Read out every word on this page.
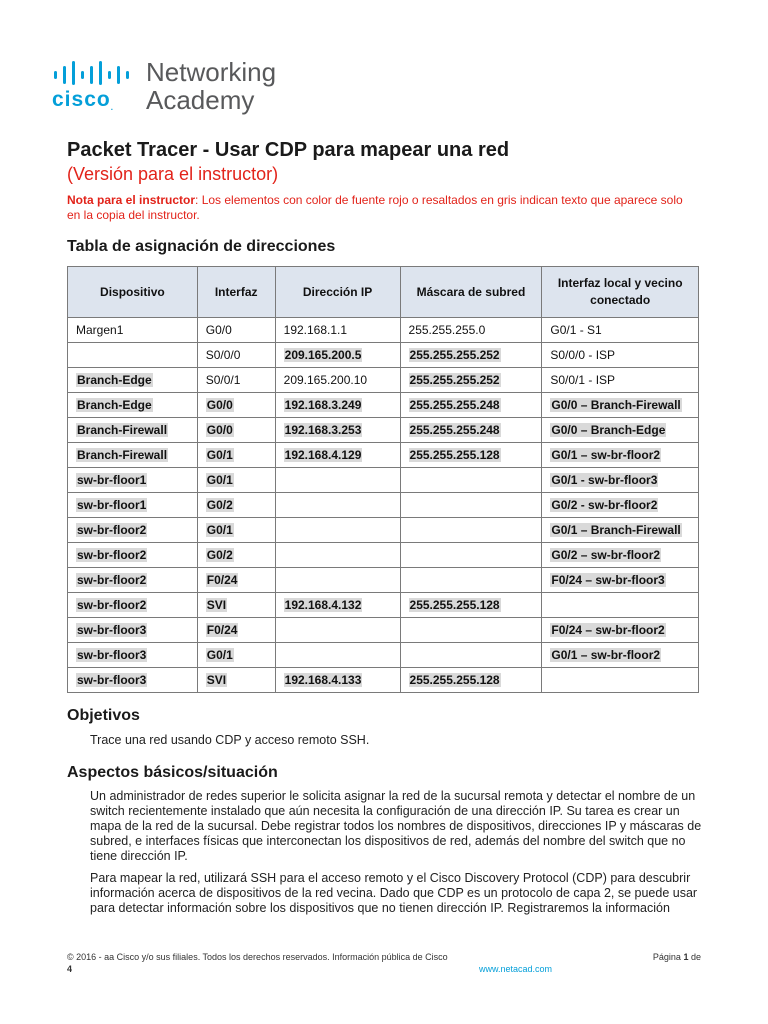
cisco.
Networking
Academy
Packet Tracer - Usar CDP para mapear una red
(Versión para el instructor)

Nota para el instructor: Los elementos con color de fuente rojo o resaltados en gris indican texto que aparece solo en la copia del instructor.

Tabla de asignación de direcciones
Dispositivo	Interfaz	Dirección IP	Máscara de subred	Interfaz local y vecino conectado
Margen1	G0/0	192.168.1.1	255.255.255.0	G0/1 - S1
	S0/0/0	209.165.200.5	255.255.255.252	S0/0/0 - ISP
Branch-Edge	S0/0/1	209.165.200.10	255.255.255.252	S0/0/1 - ISP
Branch-Edge	G0/0	192.168.3.249	255.255.255.248	G0/0 – Branch-Firewall
Branch-Firewall	G0/0	192.168.3.253	255.255.255.248	G0/0 – Branch-Edge
Branch-Firewall	G0/1	192.168.4.129	255.255.255.128	G0/1 – sw-br-floor2
sw-br-floor1	G0/1			G0/1 - sw-br-floor3
sw-br-floor1	G0/2			G0/2 - sw-br-floor2
sw-br-floor2	G0/1			G0/1 – Branch-Firewall
sw-br-floor2	G0/2			G0/2 – sw-br-floor2
sw-br-floor2	F0/24			F0/24 – sw-br-floor3
sw-br-floor2	SVI	192.168.4.132	255.255.255.128	
sw-br-floor3	F0/24			F0/24 – sw-br-floor2
sw-br-floor3	G0/1			G0/1 – sw-br-floor2
sw-br-floor3	SVI	192.168.4.133	255.255.255.128	
Objetivos

Trace una red usando CDP y acceso remoto SSH.

Aspectos básicos/situación

Un administrador de redes superior le solicita asignar la red de la sucursal remota y detectar el nombre de un switch recientemente instalado que aún necesita la configuración de una dirección IP. Su tarea es crear un mapa de la red de la sucursal. Debe registrar todos los nombres de dispositivos, direcciones IP y máscaras de subred, e interfaces físicas que interconectan los dispositivos de red, además del nombre del switch que no tiene dirección IP.

Para mapear la red, utilizará SSH para el acceso remoto y el Cisco Discovery Protocol (CDP) para descubrir información acerca de dispositivos de la red vecina. Dado que CDP es un protocolo de capa 2, se puede usar para detectar información sobre los dispositivos que no tienen dirección IP. Registraremos la información

© 2016 - aa Cisco y/o sus filiales. Todos los derechos reservados. Información pública de Cisco
4
Página 1 de
www.netacad.com
